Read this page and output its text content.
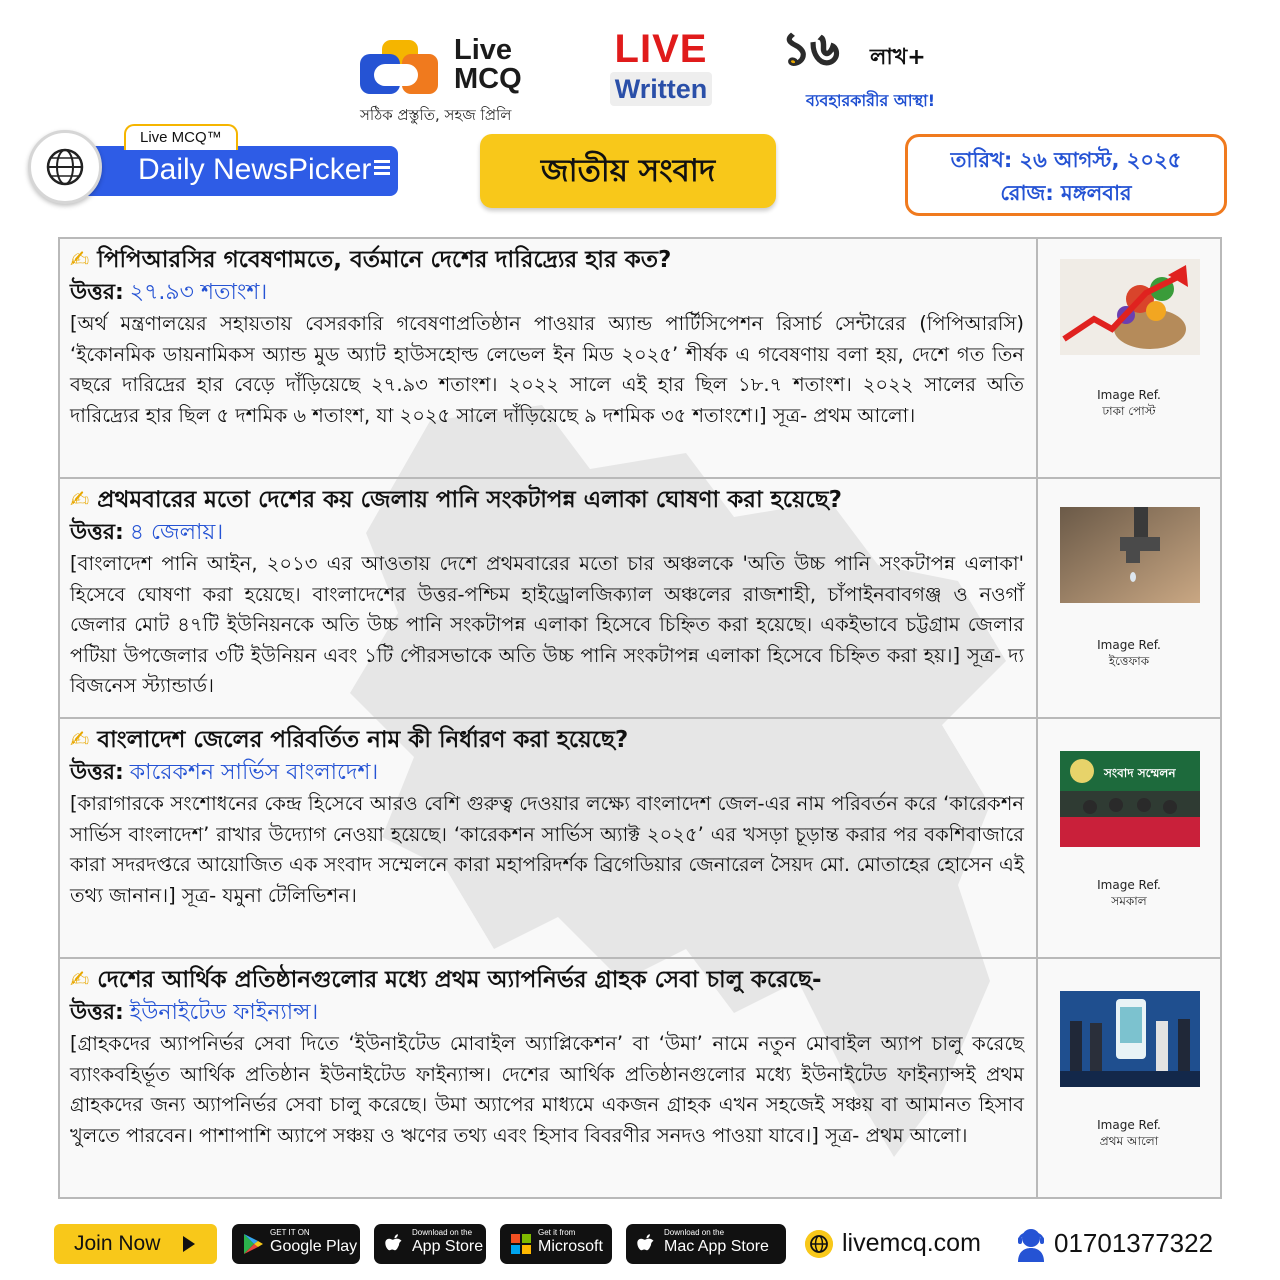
Live
MCQ
সঠিক প্রস্তুতি, সহজ প্রিলি
LIVE
Written
১৬ লাখ+
ব্যবহারকারীর আস্থা!
Live MCQ™
Daily NewsPicker	জাতীয় সংবাদ	তারিখ: ২৬ আগস্ট, ২০২৫
রোজ: মঙ্গলবার
✍ পিপিআরসির গবেষণামতে, বর্তমানে দেশের দারিদ্র্যের হার কত?
উত্তর: ২৭.৯৩ শতাংশ।
[অর্থ মন্ত্রণালয়ের সহায়তায় বেসরকারি গবেষণাপ্রতিষ্ঠান পাওয়ার অ্যান্ড পার্টিসিপেশন রিসার্চ সেন্টারের (পিপিআরসি) ‘ইকোনমিক ডায়নামিকস অ্যান্ড মুড অ্যাট হাউসহোল্ড লেভেল ইন মিড ২০২৫’ শীর্ষক এ গবেষণায় বলা হয়, দেশে গত তিন বছরে দারিদ্রের হার বেড়ে দাঁড়িয়েছে ২৭.৯৩ শতাংশ। ২০২২ সালে এই হার ছিল ১৮.৭ শতাংশ। ২০২২ সালের অতি দারিদ্র্যের হার ছিল ৫ দশমিক ৬ শতাংশ, যা ২০২৫ সালে দাঁড়িয়েছে ৯ দশমিক ৩৫ শতাংশে।] সূত্র- প্রথম আলো।
Image Ref.
ঢাকা পোস্ট
✍ প্রথমবারের মতো দেশের কয় জেলায় পানি সংকটাপন্ন এলাকা ঘোষণা করা হয়েছে?
উত্তর: ৪ জেলায়।
[বাংলাদেশ পানি আইন, ২০১৩ এর আওতায় দেশে প্রথমবারের মতো চার অঞ্চলকে 'অতি উচ্চ পানি সংকটাপন্ন এলাকা' হিসেবে ঘোষণা করা হয়েছে। বাংলাদেশের উত্তর-পশ্চিম হাইড্রোলজিক্যাল অঞ্চলের রাজশাহী, চাঁপাইনবাবগঞ্জ ও নওগাঁ জেলার মোট ৪৭টি ইউনিয়নকে অতি উচ্চ পানি সংকটাপন্ন এলাকা হিসেবে চিহ্নিত করা হয়েছে। একইভাবে চট্টগ্রাম জেলার পটিয়া উপজেলার ৩টি ইউনিয়ন এবং ১টি পৌরসভাকে অতি উচ্চ পানি সংকটাপন্ন এলাকা হিসেবে চিহ্নিত করা হয়।] সূত্র- দ্য বিজনেস স্ট্যান্ডার্ড।
Image Ref.
ইত্তেফাক
✍ বাংলাদেশ জেলের পরিবর্তিত নাম কী নির্ধারণ করা হয়েছে?
উত্তর: কারেকশন সার্ভিস বাংলাদেশ।
[কারাগারকে সংশোধনের কেন্দ্র হিসেবে আরও বেশি গুরুত্ব দেওয়ার লক্ষ্যে বাংলাদেশ জেল-এর নাম পরিবর্তন করে ‘কারেকশন সার্ভিস বাংলাদেশ’ রাখার উদ্যোগ নেওয়া হয়েছে। ‘কারেকশন সার্ভিস অ্যাক্ট ২০২৫’ এর খসড়া চূড়ান্ত করার পর বকশিবাজারে কারা সদরদপ্তরে আয়োজিত এক সংবাদ সম্মেলনে কারা মহাপরিদর্শক ব্রিগেডিয়ার জেনারেল সৈয়দ মো. মোতাহের হোসেন এই তথ্য জানান।] সূত্র- যমুনা টেলিভিশন।
সংবাদ সম্মেলন
Image Ref.
সমকাল
✍ দেশের আর্থিক প্রতিষ্ঠানগুলোর মধ্যে প্রথম অ্যাপনির্ভর গ্রাহক সেবা চালু করেছে-
উত্তর: ইউনাইটেড ফাইন্যান্স।
[গ্রাহকদের অ্যাপনির্ভর সেবা দিতে ‘ইউনাইটেড মোবাইল অ্যাপ্লিকেশন’ বা ‘উমা’ নামে নতুন মোবাইল অ্যাপ চালু করেছে ব্যাংকবহির্ভূত আর্থিক প্রতিষ্ঠান ইউনাইটেড ফাইন্যান্স। দেশের আর্থিক প্রতিষ্ঠানগুলোর মধ্যে ইউনাইটেড ফাইন্যান্সই প্রথম গ্রাহকদের জন্য অ্যাপনির্ভর সেবা চালু করেছে। উমা অ্যাপের মাধ্যমে একজন গ্রাহক এখন সহজেই সঞ্চয় বা আমানত হিসাব খুলতে পারবেন। পাশাপাশি অ্যাপে সঞ্চয় ও ঋণের তথ্য এবং হিসাব বিবরণীর সনদও পাওয়া যাবে।] সূত্র- প্রথম আলো।	Image Ref.
প্রথম আলো
Join Now	GET IT ON
Google Play
Download on the
App Store
Get it from
Microsoft
Download on the
Mac App Store	livemcq.com	01701377322
